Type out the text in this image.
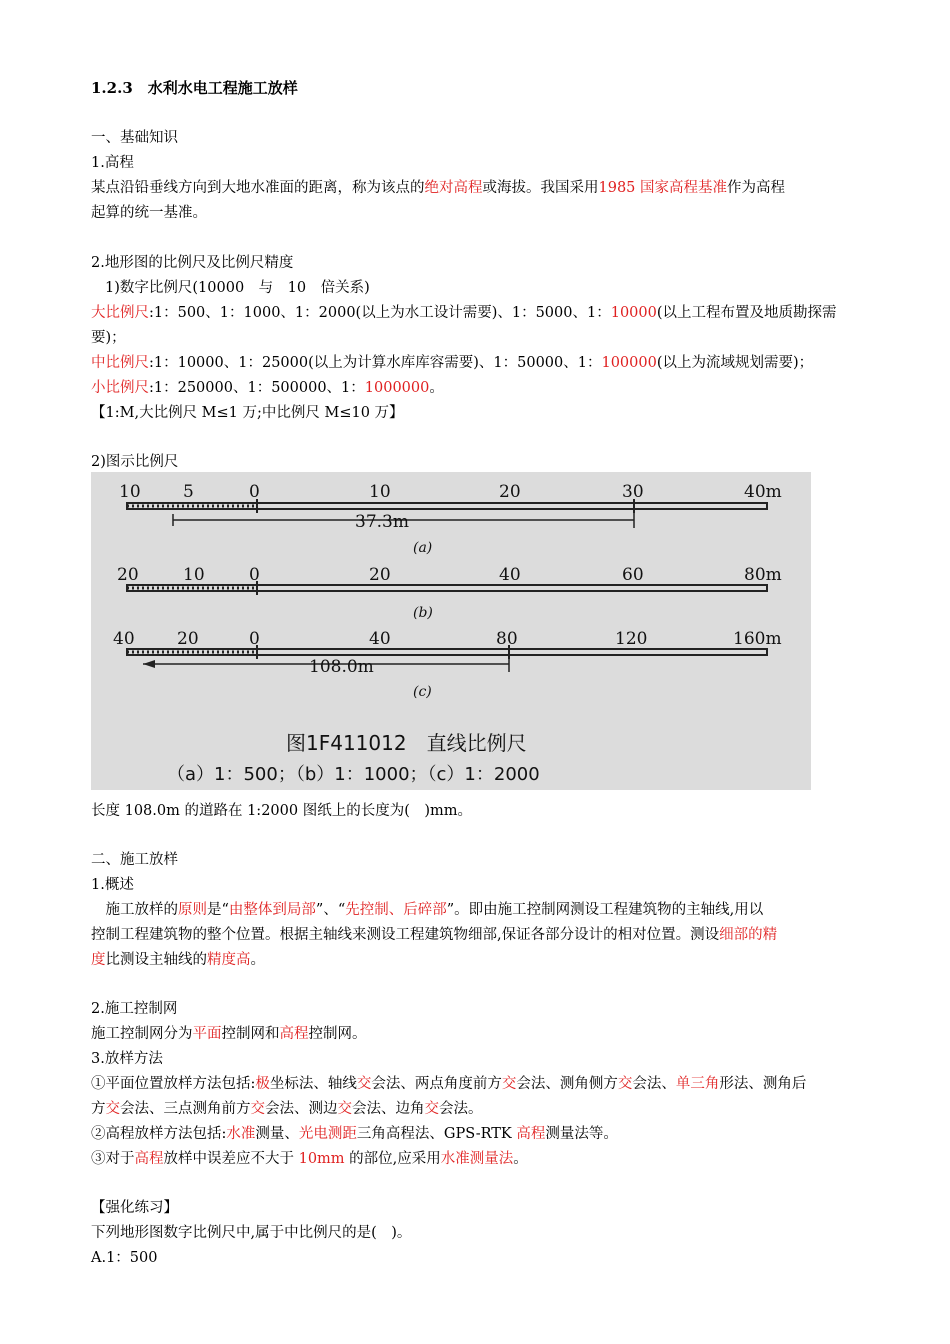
1.2.3　水利水电工程施工放样
一、基础知识
1.高程
某点沿铅垂线方向到大地水准面的距离，称为该点的绝对高程或海拔。我国采用1985 国家高程基准作为高程
起算的统一基准。
2.地形图的比例尺及比例尺精度
1)数字比例尺(10000　与　10　倍关系)
大比例尺:1：500、1：1000、1：2000(以上为水工设计需要)、1：5000、1：10000(以上工程布置及地质勘探需
要)；
中比例尺:1：10000、1：25000(以上为计算水库库容需要)、1：50000、1：100000(以上为流域规划需要)；
小比例尺:1：250000、1：500000、1：1000000。
【1:M,大比例尺 M≤1 万;中比例尺 M≤10 万】
2)图示比例尺
10 5	0	10	20	30	40m
37.3m
(a)
20	10	0	20	40	60	80m
(b)
40 20	0	40	80	120	160m
108.0m
(c)
图1F411012　直线比例尺
（a）1：500；（b）1：1000；（c）1：2000
长度 108.0m 的道路在 1:2000 图纸上的长度为(　)mm。
二、施工放样
1.概述
　施工放样的原则是“由整体到局部”、“先控制、后碎部”。即由施工控制网测设工程建筑物的主轴线,用以
控制工程建筑物的整个位置。根据主轴线来测设工程建筑物细部,保证各部分设计的相对位置。测设细部的精
度比测设主轴线的精度高。
2.施工控制网
施工控制网分为平面控制网和高程控制网。
3.放样方法
①平面位置放样方法包括:极坐标法、轴线交会法、两点角度前方交会法、测角侧方交会法、单三角形法、测角后
方交会法、三点测角前方交会法、测边交会法、边角交会法。
②高程放样方法包括:水准测量、光电测距三角高程法、GPS-RTK 高程测量法等。
③对于高程放样中误差应不大于 10mm 的部位,应采用水准测量法。
【强化练习】
下列地形图数字比例尺中,属于中比例尺的是(　)。
A.1：500
